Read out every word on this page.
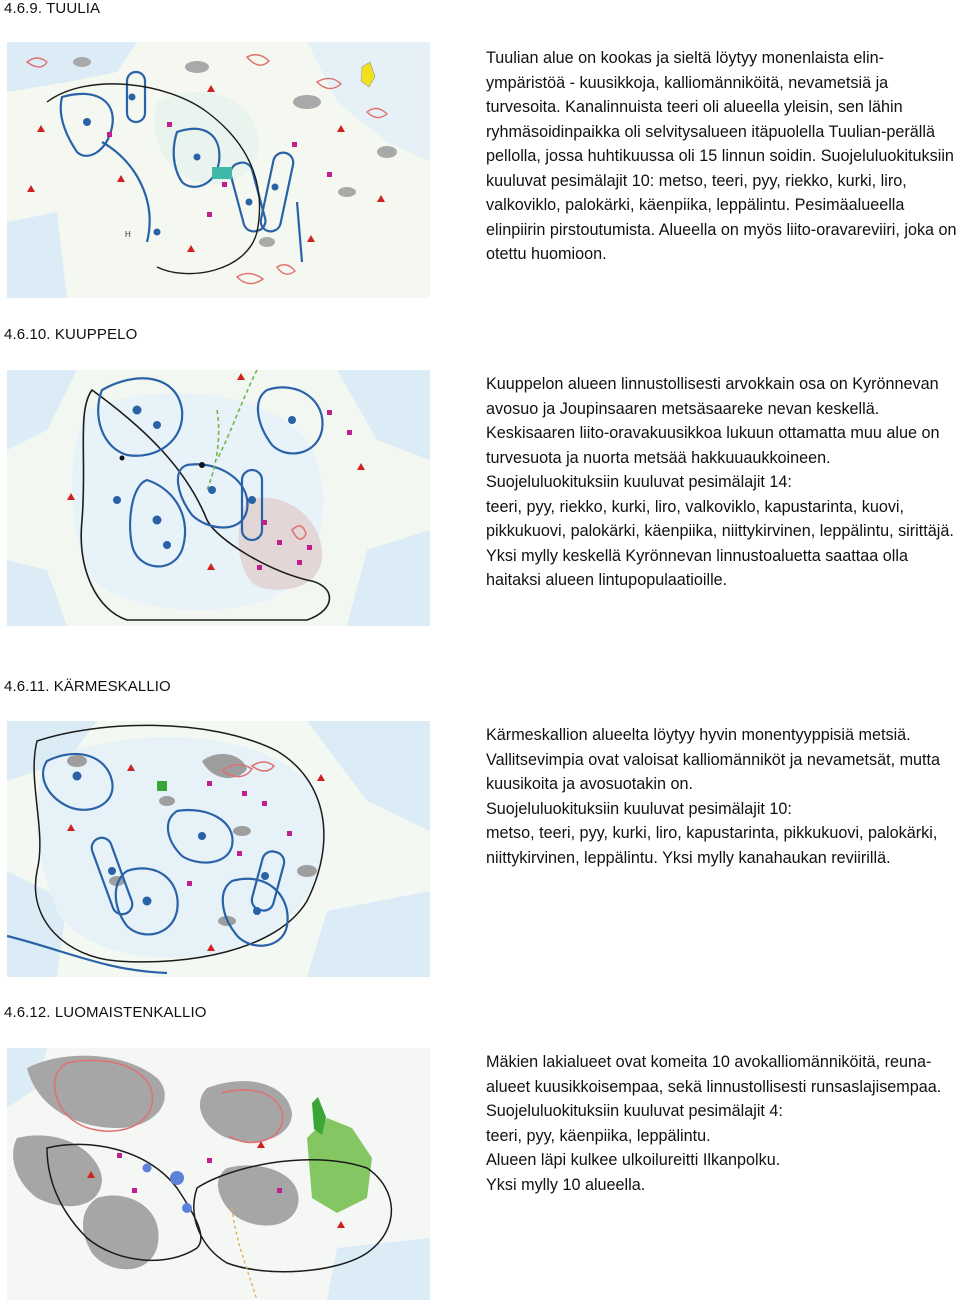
4.6.9. TUULIA
H

Tuulian alue on kookas ja sieltä löytyy monenlaista elin-ympäristöä - kuusikkoja, kalliomänniköitä, nevametsiä ja turvesoita. Kanalinnuista teeri oli alueella yleisin, sen lähin ryhmäsoidinpaikka oli selvitysalueen itäpuolella Tuulian-perällä pellolla, jossa huhtikuussa oli 15 linnun soidin. Suojeluluokituksiin kuuluvat pesimälajit 10: metso, teeri, pyy, riekko, kurki, liro, valkoviklo, palokärki, käenpiika, leppälintu. Pesimäalueella elinpiirin pirstoutumista. Alueella on myös liito-oravareviiri, joka on otettu huomioon.

4.6.10. KUUPPELO

Kuuppelon alueen linnustollisesti arvokkain osa on Kyrönnevan avosuo ja Joupinsaaren metsäsaareke nevan keskellä. Keskisaaren liito-oravakuusikkoa lukuun ottamatta muu alue on turvesuota ja nuorta metsää hakkuuaukkoineen. Suojeluluokituksiin kuuluvat pesimälajit 14:

teeri, pyy, riekko, kurki, liro, valkoviklo, kapustarinta, kuovi, pikkukuovi, palokärki, käenpiika, niittykirvinen, leppälintu, sirittäjä.

Yksi mylly keskellä Kyrönnevan linnustoaluetta saattaa olla haitaksi alueen lintupopulaatioille.

4.6.11. KÄRMESKALLIO

Kärmeskallion alueelta löytyy hyvin monentyyppisiä metsiä. Vallitsevimpia ovat valoisat kalliomänniköt ja nevametsät, mutta kuusikoita ja avosuotakin on.

Suojeluluokituksiin kuuluvat pesimälajit 10:

metso, teeri, pyy, kurki, liro, kapustarinta, pikkukuovi, palokärki, niittykirvinen, leppälintu. Yksi mylly kanahaukan reviirillä.

4.6.12. LUOMAISTENKALLIO

Mäkien lakialueet ovat komeita 10 avokalliomänniköitä, reuna-alueet kuusikkoisempaa, sekä linnustollisesti runsaslajisempaa.

Suojeluluokituksiin kuuluvat pesimälajit 4:

teeri, pyy, käenpiika, leppälintu.

Alueen läpi kulkee ulkoilureitti Ilkanpolku.

Yksi mylly 10 alueella.
